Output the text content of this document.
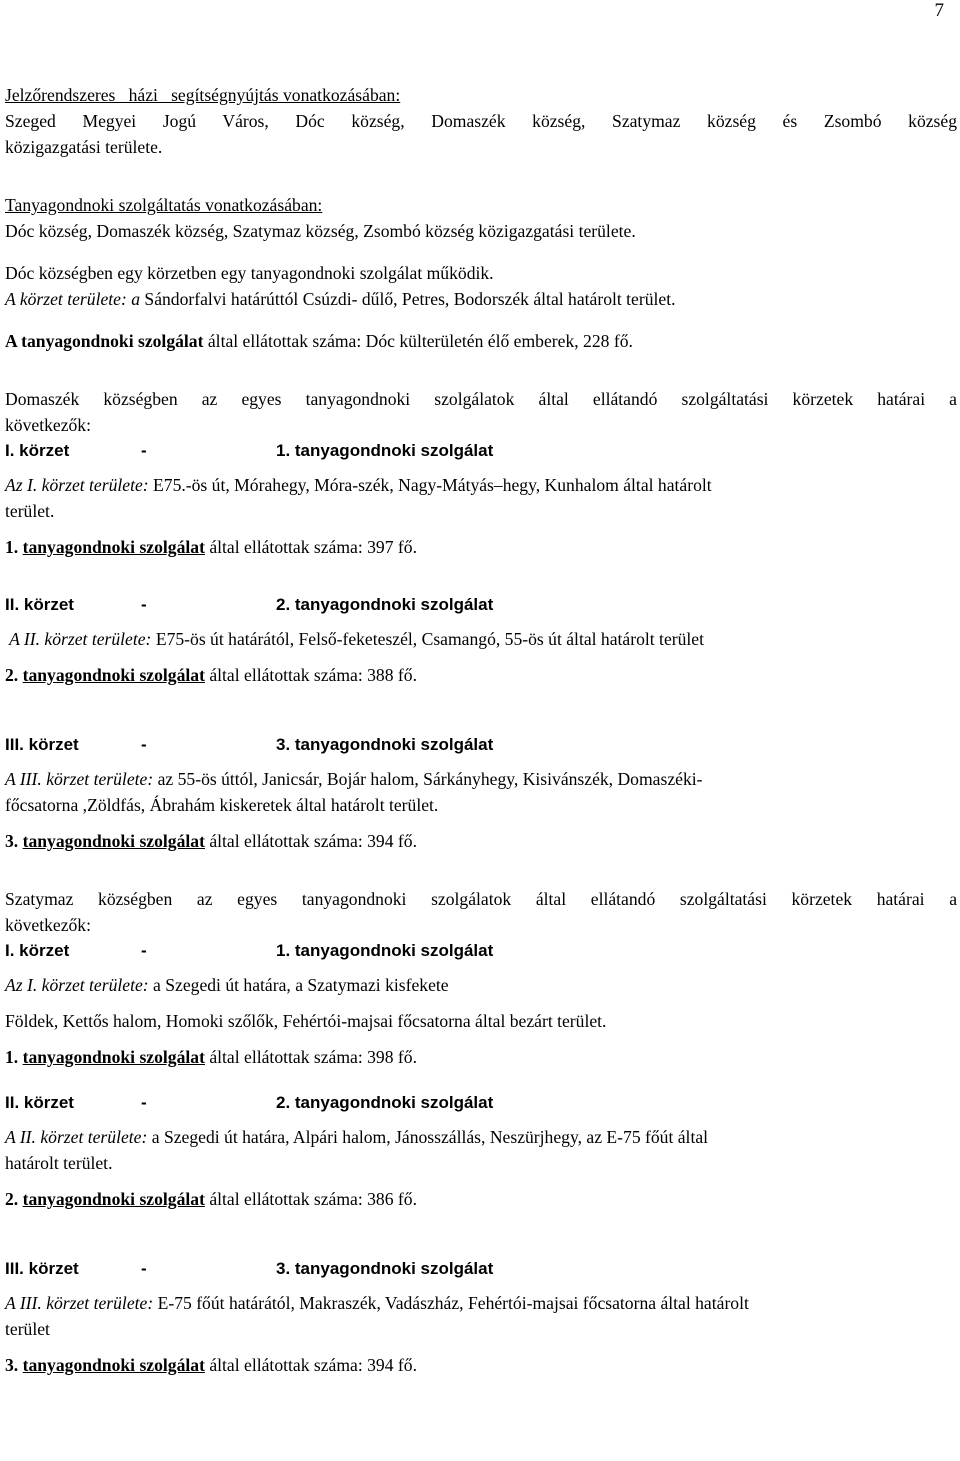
7

Jelzőrendszeres   házi   segítségnyújtás vonatkozásában:

Szeged Megyei Jogú Város, Dóc község, Domaszék község, Szatymaz község és Zsombó község

közigazgatási területe.

Tanyagondnoki szolgáltatás vonatkozásában:

Dóc község, Domaszék község, Szatymaz község, Zsombó község közigazgatási területe.

Dóc községben egy körzetben egy tanyagondnoki szolgálat működik.

A körzet területe: a Sándorfalvi határúttól Csúzdi- dűlő, Petres, Bodorszék által határolt terület.

A tanyagondnoki szolgálat által ellátottak száma: Dóc külterületén élő emberek, 228 fő.

Domaszék községben az egyes tanyagondnoki szolgálatok által ellátandó szolgáltatási körzetek határai a

következők:

I. körzet	-	1. tanyagondnoki szolgálat

Az I. körzet területe: E75.-ös út, Mórahegy, Móra-szék, Nagy-Mátyás–hegy, Kunhalom által határolt

terület.

1. tanyagondnoki szolgálat által ellátottak száma: 397 fő.

II. körzet	-	2. tanyagondnoki szolgálat

A II. körzet területe: E75-ös út határától, Felső-feketeszél, Csamangó, 55-ös út által határolt terület

2. tanyagondnoki szolgálat által ellátottak száma: 388 fő.

III. körzet	-	3. tanyagondnoki szolgálat

A III. körzet területe: az 55-ös úttól, Janicsár, Bojár halom, Sárkányhegy, Kisivánszék, Domaszéki-

főcsatorna ,Zöldfás, Ábrahám kiskeretek által határolt terület.

3. tanyagondnoki szolgálat által ellátottak száma: 394 fő.

Szatymaz községben az egyes tanyagondnoki szolgálatok által ellátandó szolgáltatási körzetek határai a

következők:

I. körzet	-	1. tanyagondnoki szolgálat

Az I. körzet területe: a Szegedi út határa, a Szatymazi kisfekete

Földek, Kettős halom, Homoki szőlők, Fehértói-majsai főcsatorna által bezárt terület.

1. tanyagondnoki szolgálat által ellátottak száma: 398 fő.

II. körzet	-	2. tanyagondnoki szolgálat

A II. körzet területe: a Szegedi út határa, Alpári halom, Jánosszállás, Neszürjhegy, az E-75 főút által

határolt terület.

2. tanyagondnoki szolgálat által ellátottak száma: 386 fő.

III. körzet	-	3. tanyagondnoki szolgálat

A III. körzet területe: E-75 főút határától, Makraszék, Vadászház, Fehértói-majsai főcsatorna által határolt

terület

3. tanyagondnoki szolgálat által ellátottak száma: 394 fő.
